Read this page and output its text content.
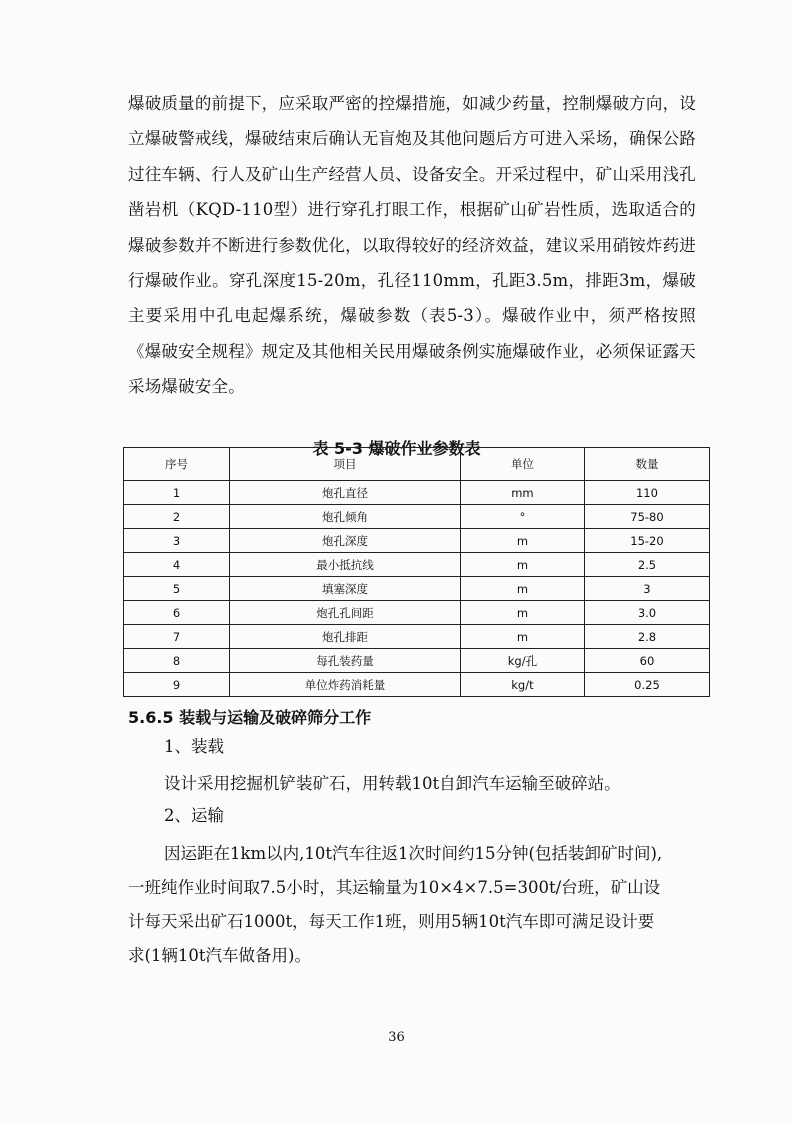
爆破质量的前提下，应采取严密的控爆措施，如减少药量，控制爆破方向，设立爆破警戒线，爆破结束后确认无盲炮及其他问题后方可进入采场，确保公路过往车辆、行人及矿山生产经营人员、设备安全。开采过程中，矿山采用浅孔凿岩机（KQD-110型）进行穿孔打眼工作，根据矿山矿岩性质，选取适合的爆破参数并不断进行参数优化，以取得较好的经济效益，建议采用硝铵炸药进行爆破作业。穿孔深度15-20m，孔径110mm，孔距3.5m，排距3m，爆破主要采用中孔电起爆系统，爆破参数（表5-3）。爆破作业中，须严格按照《爆破安全规程》规定及其他相关民用爆破条例实施爆破作业，必须保证露天采场爆破安全。

表 5-3 爆破作业参数表
序号	项目	单位	数量
1	炮孔直径	mm	110
2	炮孔倾角	°	75-80
3	炮孔深度	m	15-20
4	最小抵抗线	m	2.5
5	填塞深度	m	3
6	炮孔孔间距	m	3.0
7	炮孔排距	m	2.8
8	每孔装药量	kg/孔	60
9	单位炸药消耗量	kg/t	0.25
5.6.5 装载与运输及破碎筛分工作
1、装载
设计采用挖掘机铲装矿石，用转载10t自卸汽车运输至破碎站。
2、运输
因运距在1km以内,10t汽车往返1次时间约15分钟(包括装卸矿时间),
一班纯作业时间取7.5小时，其运输量为10×4×7.5=300t/台班，矿山设
计每天采出矿石1000t，每天工作1班，则用5辆10t汽车即可满足设计要
求(1辆10t汽车做备用)。
36
